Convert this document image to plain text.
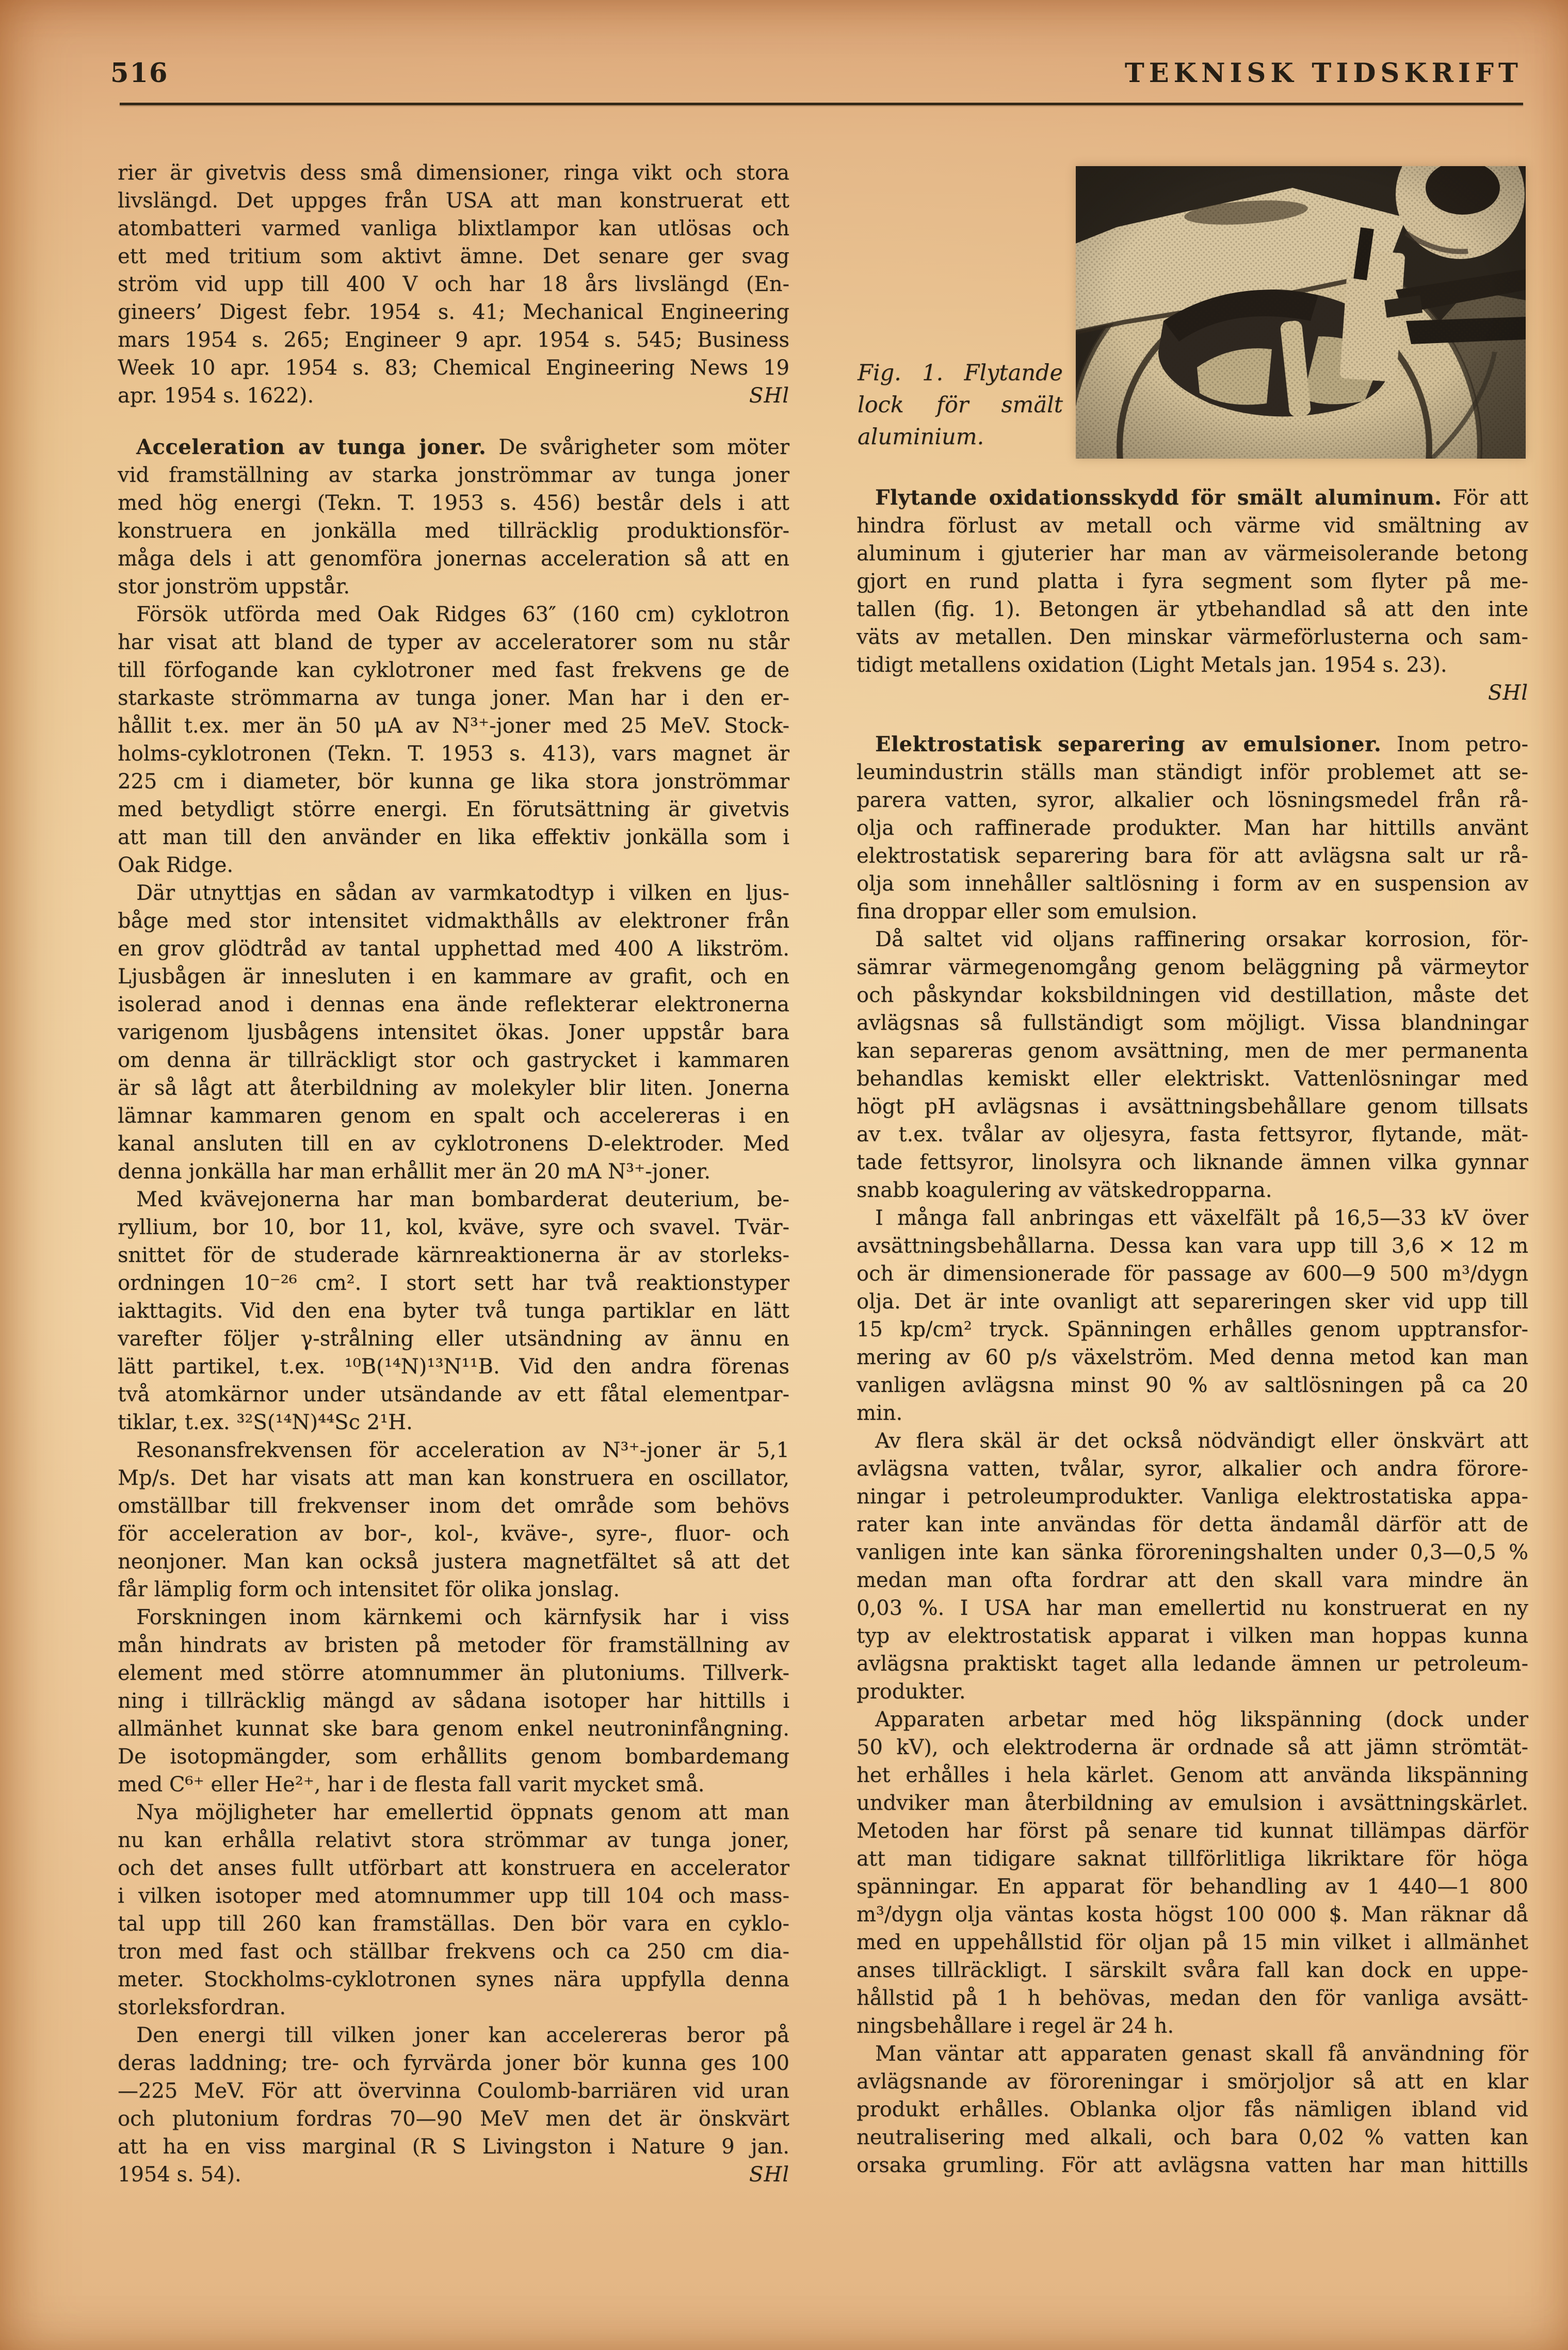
516	TEKNISK TIDSKRIFT
Fig. 1. Flytande
lock för smält
aluminium.
rier är givetvis dess små dimensioner, ringa vikt och stora
livslängd. Det uppges från USA att man konstruerat ett
atombatteri varmed vanliga blixtlampor kan utlösas och
ett med tritium som aktivt ämne. Det senare ger svag
ström vid upp till 400 V och har 18 års livslängd (En-
gineers’ Digest febr. 1954 s. 41; Mechanical Engineering
mars 1954 s. 265; Engineer 9 apr. 1954 s. 545; Business
Week 10 apr. 1954 s. 83; Chemical Engineering News 19
apr. 1954 s. 1622).	SHl
Acceleration av tunga joner. De svårigheter som möter
vid framställning av starka jonströmmar av tunga joner
med hög energi (Tekn. T. 1953 s. 456) består dels i att
konstruera en jonkälla med tillräcklig produktionsför-
måga dels i att genomföra jonernas acceleration så att en
stor jonström uppstår.
Försök utförda med Oak Ridges 63″ (160 cm) cyklotron
har visat att bland de typer av acceleratorer som nu står
till förfogande kan cyklotroner med fast frekvens ge de
starkaste strömmarna av tunga joner. Man har i den er-
hållit t.ex. mer än 50 μA av N³⁺-joner med 25 MeV. Stock-
holms-cyklotronen (Tekn. T. 1953 s. 413), vars magnet är
225 cm i diameter, bör kunna ge lika stora jonströmmar
med betydligt större energi. En förutsättning är givetvis
att man till den använder en lika effektiv jonkälla som i
Oak Ridge.
Där utnyttjas en sådan av varmkatodtyp i vilken en ljus-
båge med stor intensitet vidmakthålls av elektroner från
en grov glödtråd av tantal upphettad med 400 A likström.
Ljusbågen är innesluten i en kammare av grafit, och en
isolerad anod i dennas ena ände reflekterar elektronerna
varigenom ljusbågens intensitet ökas. Joner uppstår bara
om denna är tillräckligt stor och gastrycket i kammaren
är så lågt att återbildning av molekyler blir liten. Jonerna
lämnar kammaren genom en spalt och accelereras i en
kanal ansluten till en av cyklotronens D-elektroder. Med
denna jonkälla har man erhållit mer än 20 mA N³⁺-joner.
Med kvävejonerna har man bombarderat deuterium, be-
ryllium, bor 10, bor 11, kol, kväve, syre och svavel. Tvär-
snittet för de studerade kärnreaktionerna är av storleks-
ordningen 10⁻²⁶ cm². I stort sett har två reaktionstyper
iakttagits. Vid den ena byter två tunga partiklar en lätt
varefter följer γ-strålning eller utsändning av ännu en
lätt partikel, t.ex. ¹⁰B(¹⁴N)¹³N¹¹B. Vid den andra förenas
två atomkärnor under utsändande av ett fåtal elementpar-
tiklar, t.ex. ³²S(¹⁴N)⁴⁴Sc 2¹H.
Resonansfrekvensen för acceleration av N³⁺-joner är 5,1
Mp/s. Det har visats att man kan konstruera en oscillator,
omställbar till frekvenser inom det område som behövs
för acceleration av bor-, kol-, kväve-, syre-, fluor- och
neonjoner. Man kan också justera magnetfältet så att det
får lämplig form och intensitet för olika jonslag.
Forskningen inom kärnkemi och kärnfysik har i viss
mån hindrats av bristen på metoder för framställning av
element med större atomnummer än plutoniums. Tillverk-
ning i tillräcklig mängd av sådana isotoper har hittills i
allmänhet kunnat ske bara genom enkel neutroninfångning.
De isotopmängder, som erhållits genom bombardemang
med C⁶⁺ eller He²⁺, har i de flesta fall varit mycket små.
Nya möjligheter har emellertid öppnats genom att man
nu kan erhålla relativt stora strömmar av tunga joner,
och det anses fullt utförbart att konstruera en accelerator
i vilken isotoper med atomnummer upp till 104 och mass-
tal upp till 260 kan framställas. Den bör vara en cyklo-
tron med fast och ställbar frekvens och ca 250 cm dia-
meter. Stockholms-cyklotronen synes nära uppfylla denna
storleksfordran.
Den energi till vilken joner kan accelereras beror på
deras laddning; tre- och fyrvärda joner bör kunna ges 100
—225 MeV. För att övervinna Coulomb-barriären vid uran
och plutonium fordras 70—90 MeV men det är önskvärt
att ha en viss marginal (R S Livingston i Nature 9 jan.
1954 s. 54).	SHl
Flytande oxidationsskydd för smält aluminum. För att
hindra förlust av metall och värme vid smältning av
aluminum i gjuterier har man av värmeisolerande betong
gjort en rund platta i fyra segment som flyter på me-
tallen (fig. 1). Betongen är ytbehandlad så att den inte
väts av metallen. Den minskar värmeförlusterna och sam-
tidigt metallens oxidation (Light Metals jan. 1954 s. 23).
SHl
Elektrostatisk separering av emulsioner. Inom petro-
leumindustrin ställs man ständigt inför problemet att se-
parera vatten, syror, alkalier och lösningsmedel från rå-
olja och raffinerade produkter. Man har hittills använt
elektrostatisk separering bara för att avlägsna salt ur rå-
olja som innehåller saltlösning i form av en suspension av
fina droppar eller som emulsion.
Då saltet vid oljans raffinering orsakar korrosion, för-
sämrar värmegenomgång genom beläggning på värmeytor
och påskyndar koksbildningen vid destillation, måste det
avlägsnas så fullständigt som möjligt. Vissa blandningar
kan separeras genom avsättning, men de mer permanenta
behandlas kemiskt eller elektriskt. Vattenlösningar med
högt pH avlägsnas i avsättningsbehållare genom tillsats
av t.ex. tvålar av oljesyra, fasta fettsyror, flytande, mät-
tade fettsyror, linolsyra och liknande ämnen vilka gynnar
snabb koagulering av vätskedropparna.
I många fall anbringas ett växelfält på 16,5—33 kV över
avsättningsbehållarna. Dessa kan vara upp till 3,6 × 12 m
och är dimensionerade för passage av 600—9 500 m³/dygn
olja. Det är inte ovanligt att separeringen sker vid upp till
15 kp/cm² tryck. Spänningen erhålles genom upptransfor-
mering av 60 p/s växelström. Med denna metod kan man
vanligen avlägsna minst 90 % av saltlösningen på ca 20
min.
Av flera skäl är det också nödvändigt eller önskvärt att
avlägsna vatten, tvålar, syror, alkalier och andra förore-
ningar i petroleumprodukter. Vanliga elektrostatiska appa-
rater kan inte användas för detta ändamål därför att de
vanligen inte kan sänka föroreningshalten under 0,3—0,5 %
medan man ofta fordrar att den skall vara mindre än
0,03 %. I USA har man emellertid nu konstruerat en ny
typ av elektrostatisk apparat i vilken man hoppas kunna
avlägsna praktiskt taget alla ledande ämnen ur petroleum-
produkter.
Apparaten arbetar med hög likspänning (dock under
50 kV), och elektroderna är ordnade så att jämn strömtät-
het erhålles i hela kärlet. Genom att använda likspänning
undviker man återbildning av emulsion i avsättningskärlet.
Metoden har först på senare tid kunnat tillämpas därför
att man tidigare saknat tillförlitliga likriktare för höga
spänningar. En apparat för behandling av 1 440—1 800
m³/dygn olja väntas kosta högst 100 000 $. Man räknar då
med en uppehållstid för oljan på 15 min vilket i allmänhet
anses tillräckligt. I särskilt svåra fall kan dock en uppe-
hållstid på 1 h behövas, medan den för vanliga avsätt-
ningsbehållare i regel är 24 h.
Man väntar att apparaten genast skall få användning för
avlägsnande av föroreningar i smörjoljor så att en klar
produkt erhålles. Oblanka oljor fås nämligen ibland vid
neutralisering med alkali, och bara 0,02 % vatten kan
orsaka grumling. För att avlägsna vatten har man hittills
